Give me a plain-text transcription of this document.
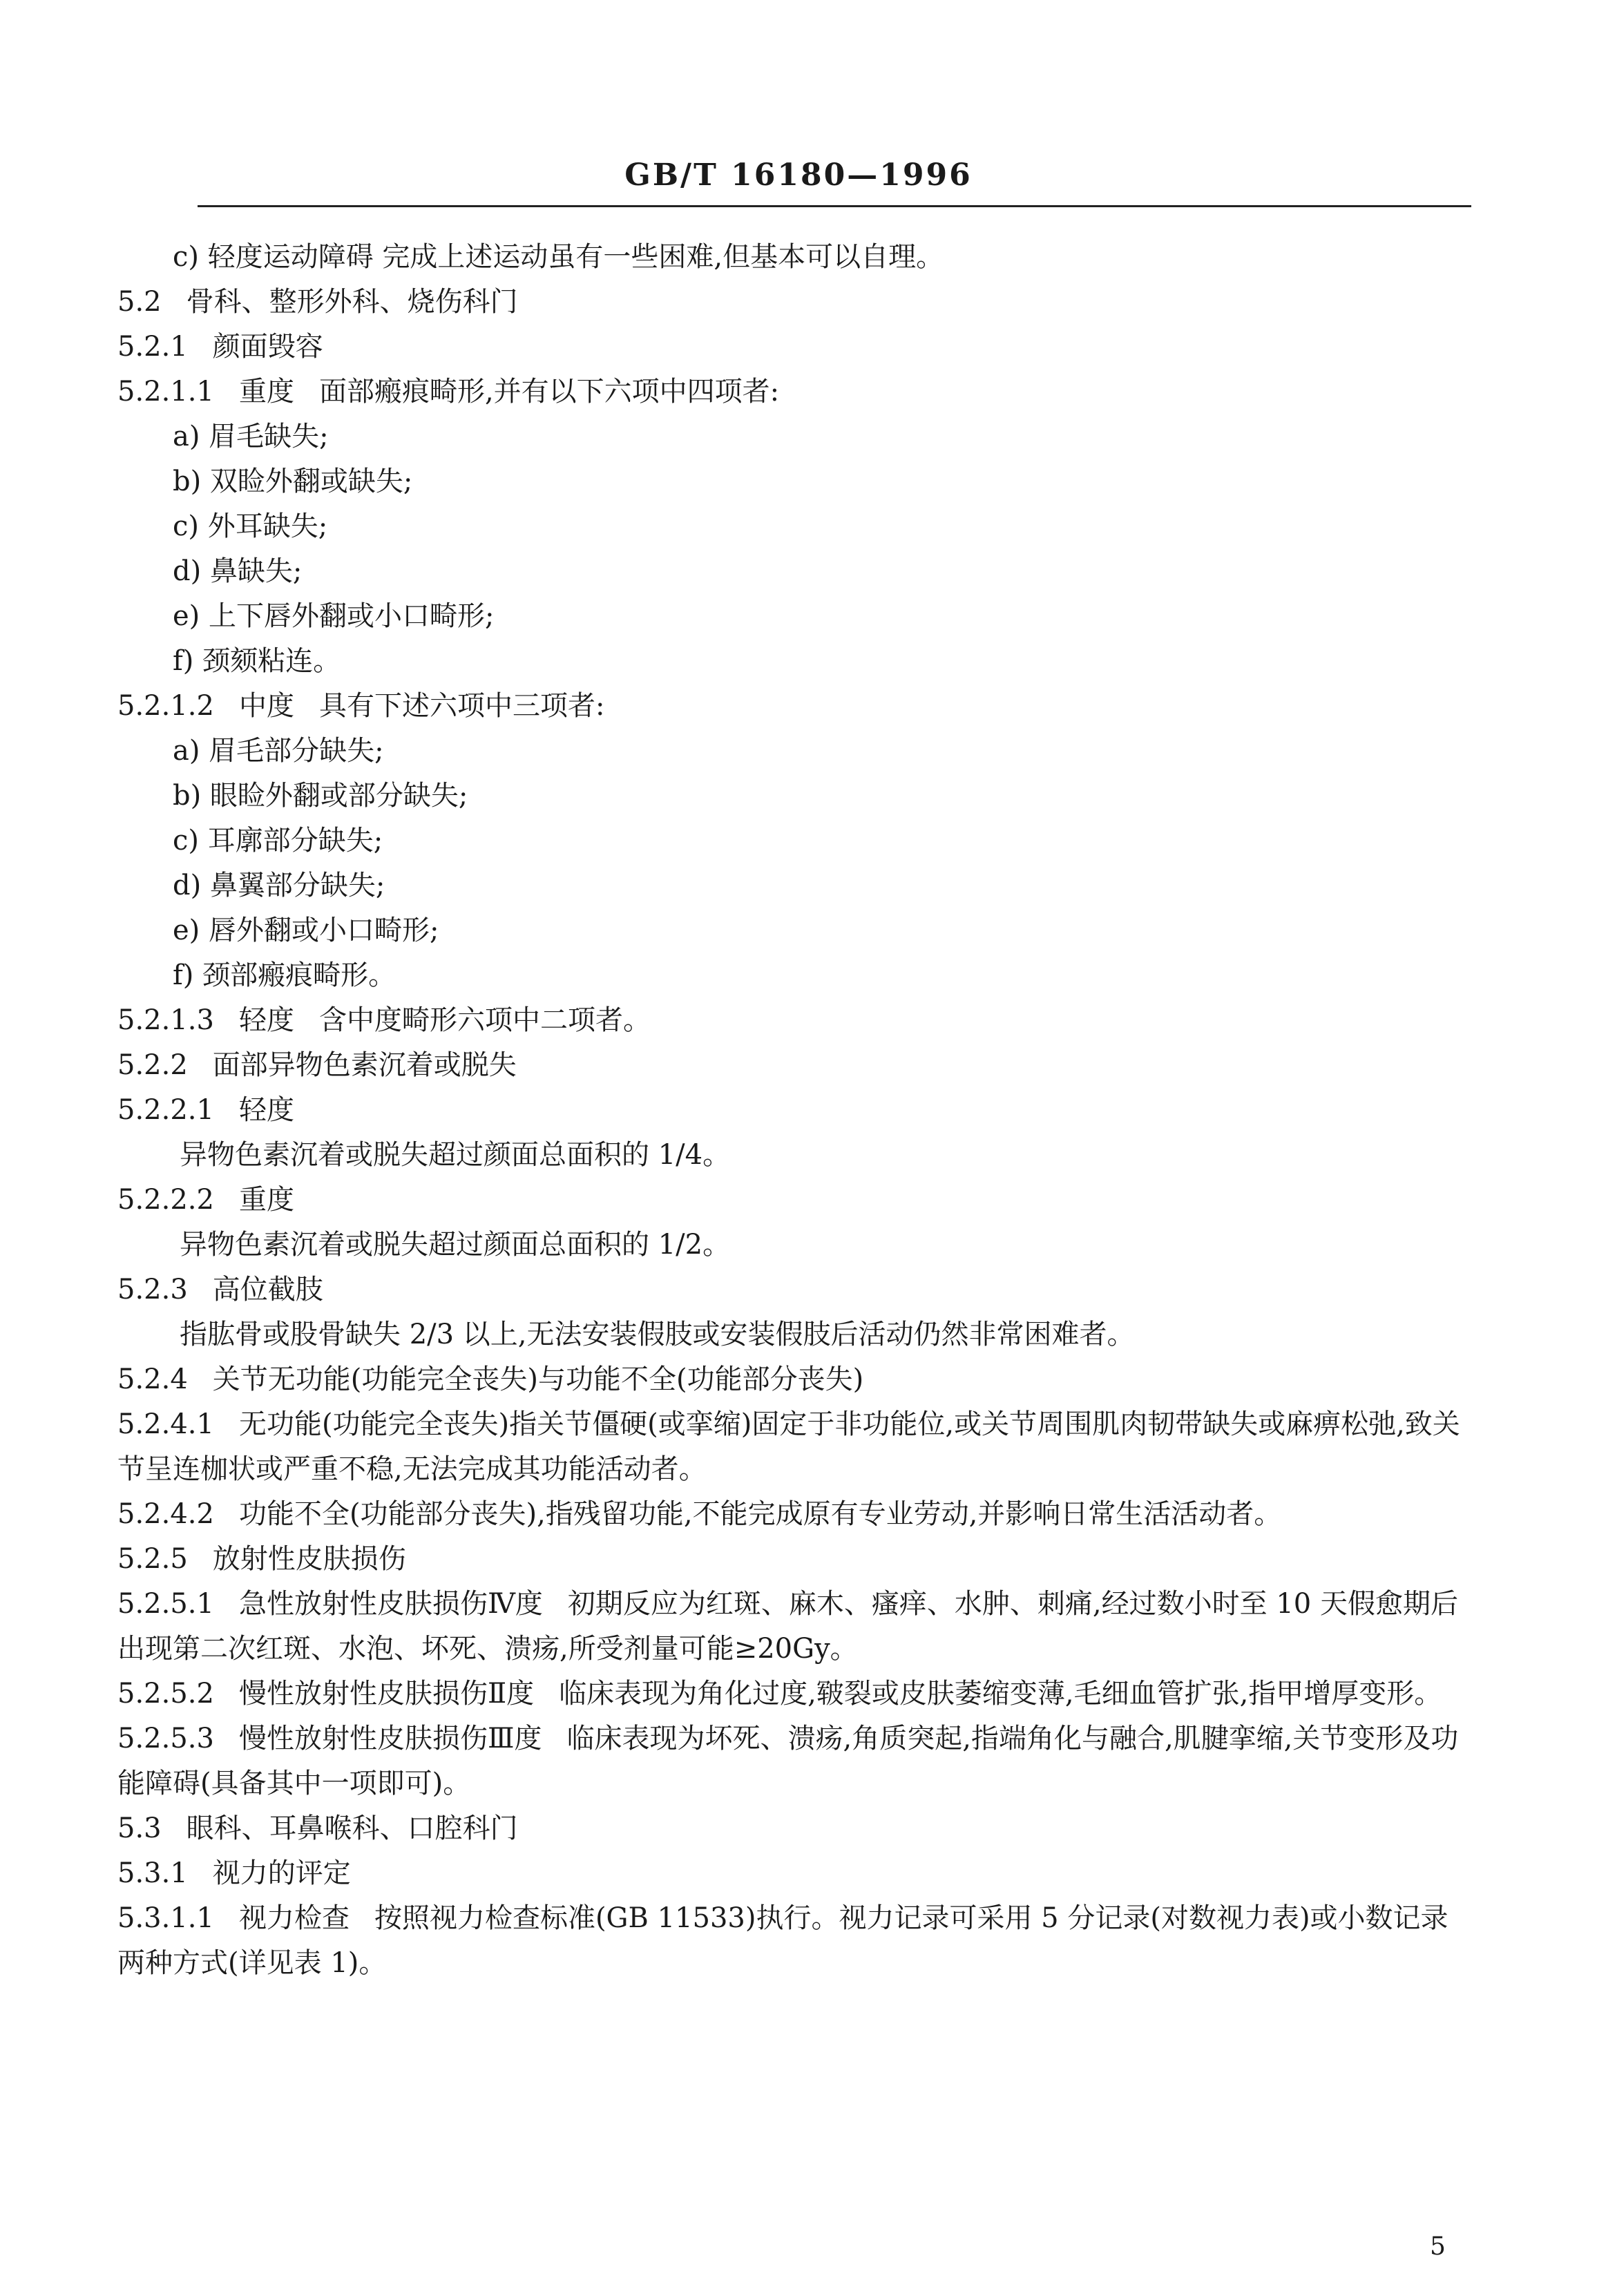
GB/T 16180—1996
c) 轻度运动障碍 完成上述运动虽有一些困难,但基本可以自理。
5.2 骨科、整形外科、烧伤科门
5.2.1 颜面毁容
5.2.1.1 重度 面部瘢痕畸形,并有以下六项中四项者:
a) 眉毛缺失;
b) 双睑外翻或缺失;
c) 外耳缺失;
d) 鼻缺失;
e) 上下唇外翻或小口畸形;
f) 颈颏粘连。
5.2.1.2 中度 具有下述六项中三项者:
a) 眉毛部分缺失;
b) 眼睑外翻或部分缺失;
c) 耳廓部分缺失;
d) 鼻翼部分缺失;
e) 唇外翻或小口畸形;
f) 颈部瘢痕畸形。
5.2.1.3 轻度 含中度畸形六项中二项者。
5.2.2 面部异物色素沉着或脱失
5.2.2.1 轻度
异物色素沉着或脱失超过颜面总面积的 1/4。
5.2.2.2 重度
异物色素沉着或脱失超过颜面总面积的 1/2。
5.2.3 高位截肢
指肱骨或股骨缺失 2/3 以上,无法安装假肢或安装假肢后活动仍然非常困难者。
5.2.4 关节无功能(功能完全丧失)与功能不全(功能部分丧失)
5.2.4.1 无功能(功能完全丧失)指关节僵硬(或挛缩)固定于非功能位,或关节周围肌肉韧带缺失或麻痹松弛,致关节呈连枷状或严重不稳,无法完成其功能活动者。
5.2.4.2 功能不全(功能部分丧失),指残留功能,不能完成原有专业劳动,并影响日常生活活动者。
5.2.5 放射性皮肤损伤
5.2.5.1 急性放射性皮肤损伤Ⅳ度 初期反应为红斑、麻木、瘙痒、水肿、刺痛,经过数小时至 10 天假愈期后出现第二次红斑、水泡、坏死、溃疡,所受剂量可能≥20Gy。
5.2.5.2 慢性放射性皮肤损伤Ⅱ度 临床表现为角化过度,皲裂或皮肤萎缩变薄,毛细血管扩张,指甲增厚变形。
5.2.5.3 慢性放射性皮肤损伤Ⅲ度 临床表现为坏死、溃疡,角质突起,指端角化与融合,肌腱挛缩,关节变形及功能障碍(具备其中一项即可)。
5.3 眼科、耳鼻喉科、口腔科门
5.3.1 视力的评定
5.3.1.1 视力检查 按照视力检查标准(GB 11533)执行。视力记录可采用 5 分记录(对数视力表)或小数记录两种方式(详见表 1)。
5
